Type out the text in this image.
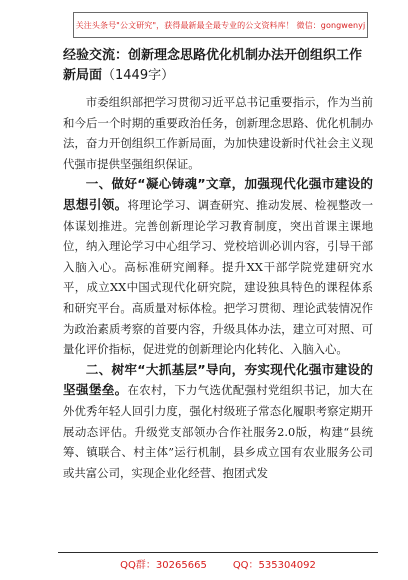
关注头条号"公文研究"，获得最新最全最专业的公文资料库！ 微信：gongwenyj
经验交流：创新理念思路优化机制办法开创组织工作新局面（1449字）

市委组织部把学习贯彻习近平总书记重要指示，作为当前和今后一个时期的重要政治任务，创新理念思路、优化机制办法，奋力开创组织工作新局面，为加快建设新时代社会主义现代强市提供坚强组织保证。

一、做好“凝心铸魂”文章，加强现代化强市建设的思想引领。将理论学习、调查研究、推动发展、检视整改一体谋划推进。完善创新理论学习教育制度，突出首课主课地位，纳入理论学习中心组学习、党校培训必训内容，引导干部入脑入心。高标准研究阐释。提升XX干部学院党建研究水平，成立XX中国式现代化研究院，建设独具特色的课程体系和研究平台。高质量对标体检。把学习贯彻、理论武装情况作为政治素质考察的首要内容，升级具体办法，建立可对照、可量化评价指标，促进党的创新理论内化转化、入脑入心。

二、树牢“大抓基层”导向，夯实现代化强市建设的坚强堡垒。在农村，下力气选优配强村党组织书记，加大在外优秀年轻人回引力度，强化村级班子常态化履职考察定期开展动态评估。升级党支部领办合作社服务2.0版，构建“县统筹、镇联合、村主体”运行机制，县乡成立国有农业服务公司或共富公司，实现企业化经营、抱团式发

QQ群：30265665	QQ：535304092
